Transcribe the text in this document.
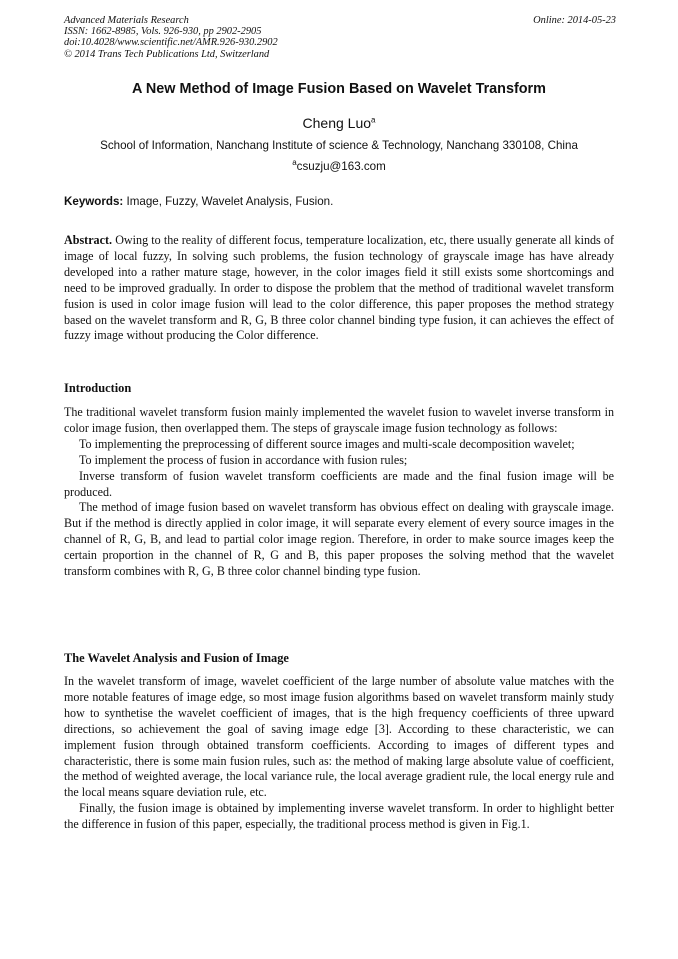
Advanced Materials Research
ISSN: 1662-8985, Vols. 926-930, pp 2902-2905
doi:10.4028/www.scientific.net/AMR.926-930.2902
© 2014 Trans Tech Publications Ltd, Switzerland
Online: 2014-05-23
A New Method of Image Fusion Based on Wavelet Transform
Cheng Luo$^a$
School of Information, Nanchang Institute of science & Technology, Nanchang 330108, China
$^a$csuzju@163.com
Keywords: Image, Fuzzy, Wavelet Analysis, Fusion.

Abstract. Owing to the reality of different focus, temperature localization, etc, there usually generate all kinds of image of local fuzzy, In solving such problems, the fusion technology of grayscale image has have already developed into a rather mature stage, however, in the color images field it still exists some shortcomings and need to be improved gradually. In order to dispose the problem that the method of traditional wavelet transform fusion is used in color image fusion will lead to the color difference, this paper proposes the method strategy based on the wavelet transform and R, G, B three color channel binding type fusion, it can achieves the effect of fuzzy image without producing the Color difference.

Introduction

The traditional wavelet transform fusion mainly implemented the wavelet fusion to wavelet inverse transform in color image fusion, then overlapped them. The steps of grayscale image fusion technology as follows:

To implementing the preprocessing of different source images and multi-scale decomposition wavelet;

To implement the process of fusion in accordance with fusion rules;

Inverse transform of fusion wavelet transform coefficients are made and the final fusion image will be produced.

The method of image fusion based on wavelet transform has obvious effect on dealing with grayscale image. But if the method is directly applied in color image, it will separate every element of every source images in the channel of R, G, B, and lead to partial color image region. Therefore, in order to make source images keep the certain proportion in the channel of R, G and B, this paper proposes the solving method that the wavelet transform combines with R, G, B three color channel binding type fusion.

The Wavelet Analysis and Fusion of Image

In the wavelet transform of image, wavelet coefficient of the large number of absolute value matches with the more notable features of image edge, so most image fusion algorithms based on wavelet transform mainly study how to synthetise the wavelet coefficient of images, that is the high frequency coefficients of three upward directions, so achievement the goal of saving image edge [3]. According to these characteristic, we can implement fusion through obtained transform coefficients. According to images of different types and characteristic, there is some main fusion rules, such as: the method of making large absolute value of coefficient, the method of weighted average, the local variance rule, the local average gradient rule, the local energy rule and the local means square deviation rule, etc.

Finally, the fusion image is obtained by implementing inverse wavelet transform. In order to highlight better the difference in fusion of this paper, especially, the traditional process method is given in Fig.1.
